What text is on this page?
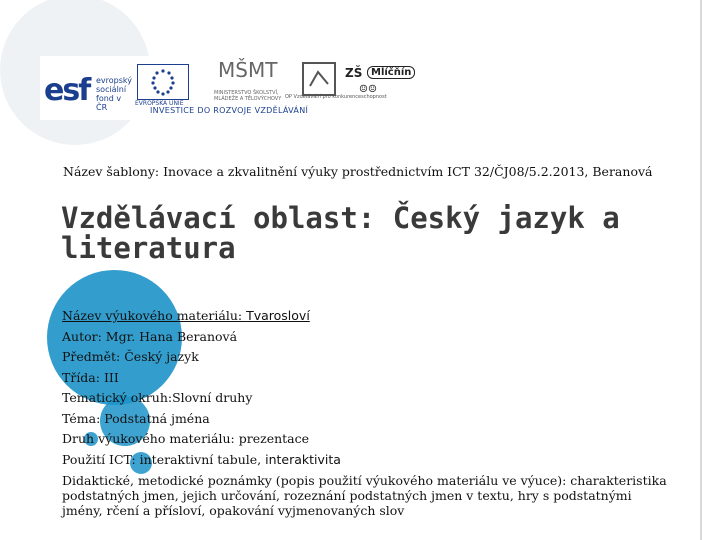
esf evropský
sociální
fond v ČR	EVROPSKÁ UNIE
MŠMT
MINISTERSTVO ŠKOLSTVÍ, MLÁDEŽE A TĚLOVÝCHOVY OP Vzdělávání pro konkurenceschopnost
ZŠ Mlíčňín
☺☺
INVESTICE DO ROZVOJE VZDĚLÁVÁNÍ
Název šablony: Inovace a zkvalitnění výuky prostřednictvím ICT 32/ČJ08/5.2.2013, Beranová
Vzdělávací oblast: Český jazyk a literatura
Název výukového materiálu: Tvarosloví
Autor: Mgr. Hana Beranová
Předmět: Český jazyk
Třída: III
Tematický okruh:Slovní druhy
Téma: Podstatná jména
Druh výukového materiálu: prezentace
Použití ICT: interaktivní tabule, interaktivita
Didaktické, metodické poznámky (popis použití výukového materiálu ve výuce): charakteristika podstatných jmen, jejich určování, rozeznání podstatných jmen v textu, hry s podstatnými jmény, rčení a přísloví, opakování vyjmenovaných slov
